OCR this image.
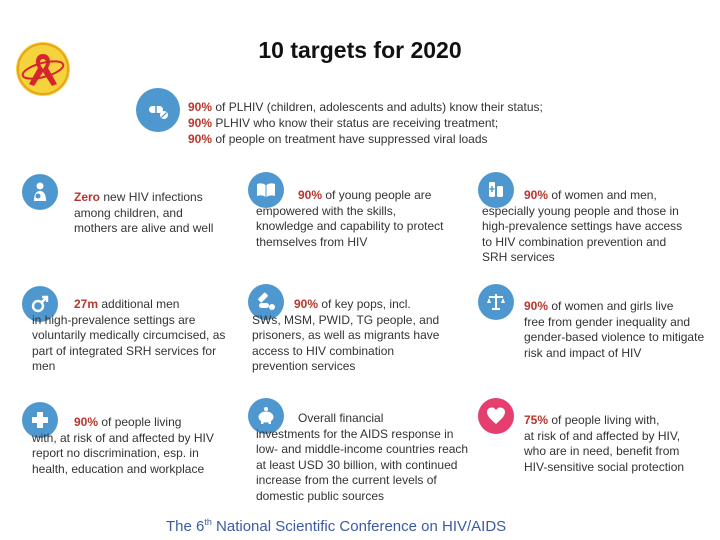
10 targets for 2020
90% of PLHIV (children, adolescents and adults) know their status;
90% PLHIV who know their status are receiving treatment;
90% of people on treatment have suppressed viral loads
Zero new HIV infections
among children, and mothers are alive and well
90% of young people are
empowered with the skills, knowledge and capability to protect themselves from HIV
90% of women and men,
especially young people and those in high-prevalence settings have access to HIV combination prevention and SRH services
27m additional men
in high-prevalence settings are voluntarily medically circumcised, as part of integrated SRH services for men
90% of key pops, incl.
SWs, MSM, PWID, TG people, and prisoners, as well as migrants have access to HIV combination prevention services
90% of women and girls live
free from gender inequality and gender-based violence to mitigate risk and impact of HIV
90% of people living
with, at risk of and affected by HIV report no discrimination, esp. in health, education and workplace
Overall financial
investments for the AIDS response in low- and middle-income countries reach at least USD 30 billion, with continued increase from the current levels of domestic public sources
75% of people living with,
at risk of and affected by HIV, who are in need, benefit from HIV-sensitive social protection
The 6th National Scientific Conference on HIV/AIDS
